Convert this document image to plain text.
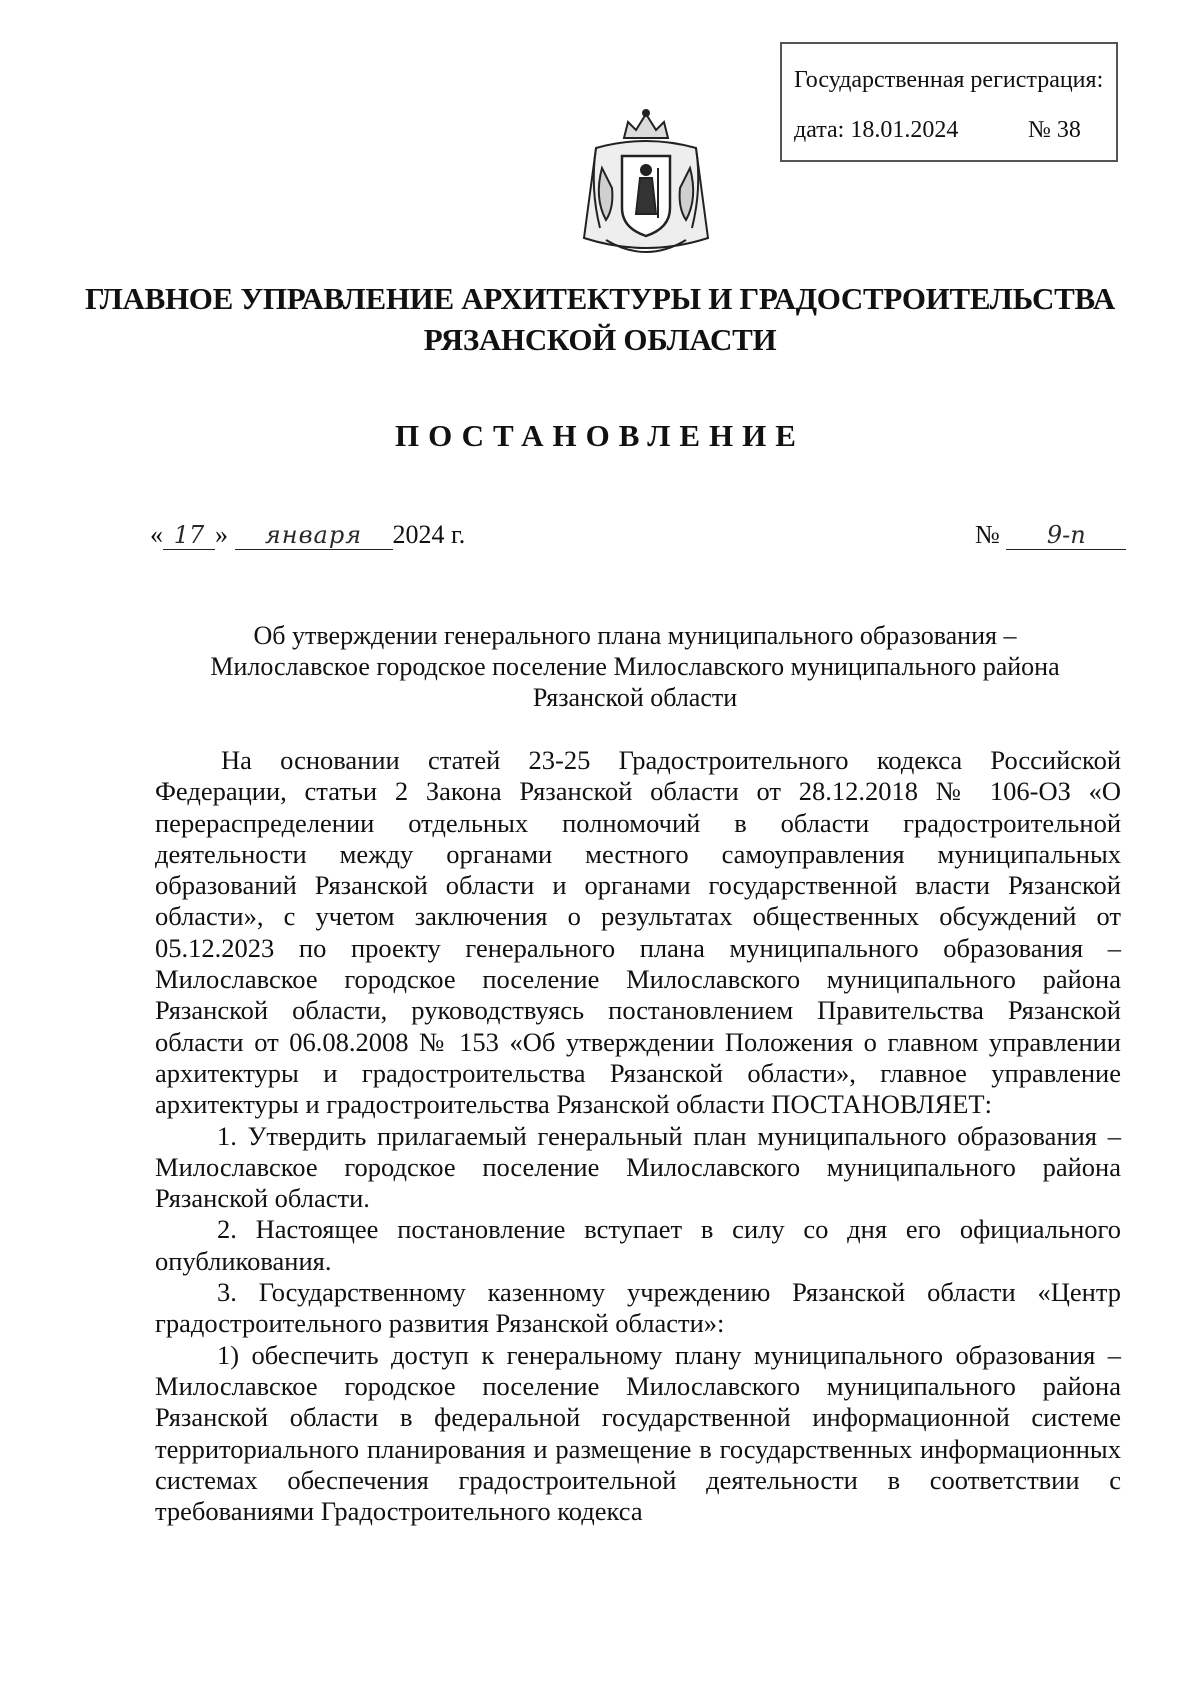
Государственная регистрация:
дата: 18.01.2024	№ 38
ГЛАВНОЕ УПРАВЛЕНИЕ АРХИТЕКТУРЫ И ГРАДОСТРОИТЕЛЬСТВА
РЯЗАНСКОЙ ОБЛАСТИ
ПОСТАНОВЛЕНИЕ
« 17 » января 2024 г.	№ 9-п
Об утверждении генерального плана муниципального образования –
Милославское городское поселение Милославского муниципального района
Рязанской области

На основании статей 23-25 Градостроительного кодекса Российской Федерации, статьи 2 Закона Рязанской области от 28.12.2018 № 106-ОЗ «О перераспределении отдельных полномочий в области градостроительной деятельности между органами местного самоуправления муниципальных образований Рязанской области и органами государственной власти Рязанской области», с учетом заключения о результатах общественных обсуждений от 05.12.2023 по проекту генерального плана муниципального образования – Милославское городское поселение Милославского муниципального района Рязанской области, руководствуясь постановлением Правительства Рязанской области от 06.08.2008 № 153 «Об утверждении Положения о главном управлении архитектуры и градостроительства Рязанской области», главное управление архитектуры и градостроительства Рязанской области ПОСТАНОВЛЯЕТ:

1. Утвердить прилагаемый генеральный план муниципального образования – Милославское городское поселение Милославского муниципального района Рязанской области.

2. Настоящее постановление вступает в силу со дня его официального опубликования.

3. Государственному казенному учреждению Рязанской области «Центр градостроительного развития Рязанской области»:

1) обеспечить доступ к генеральному плану муниципального образования – Милославское городское поселение Милославского муниципального района Рязанской области в федеральной государственной информационной системе территориального планирования и размещение в государственных информационных системах обеспечения градостроительной деятельности в соответствии с требованиями Градостроительного кодекса
